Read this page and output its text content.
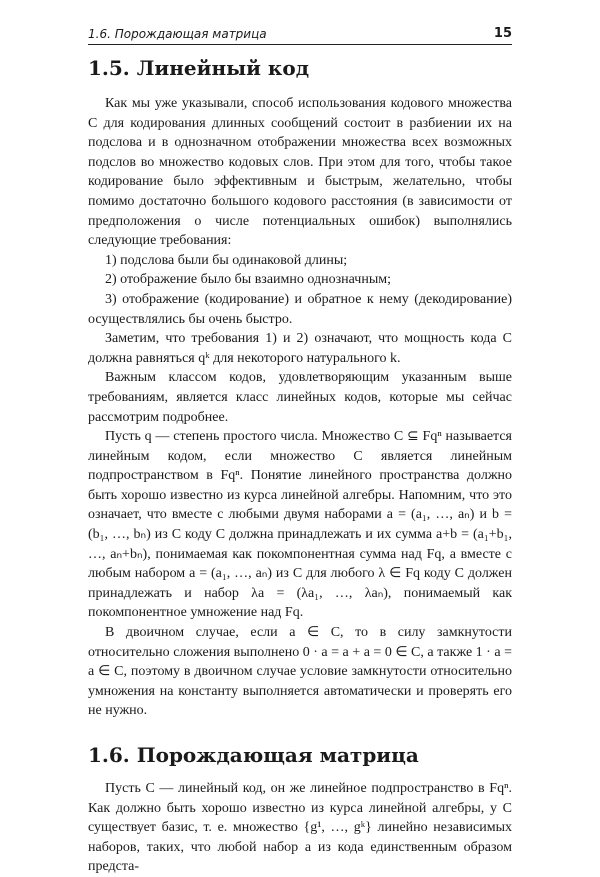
1.6. Порождающая матрица	15
1.5. Линейный код

Как мы уже указывали, способ использования кодового множества C для кодирования длинных сообщений состоит в разбиении их на подслова и в однозначном отображении множества всех возможных подслов во множество кодовых слов. При этом для того, чтобы такое кодирование было эффективным и быстрым, желательно, чтобы помимо достаточно большого кодового расстояния (в зависимости от предположения о числе потенциальных ошибок) выполнялись следующие требования:

1) подслова были бы одинаковой длины;

2) отображение было бы взаимно однозначным;

3) отображение (кодирование) и обратное к нему (декодирование) осуществлялись бы очень быстро.

Заметим, что требования 1) и 2) означают, что мощность кода C должна равняться qᵏ для некоторого натурального k.

Важным классом кодов, удовлетворяющим указанным выше требованиям, является класс линейных кодов, которые мы сейчас рассмотрим подробнее.

Пусть q — степень простого числа. Множество C ⊆ Fqⁿ называется линейным кодом, если множество C является линейным подпространством в Fqⁿ. Понятие линейного пространства должно быть хорошо известно из курса линейной алгебры. Напомним, что это означает, что вместе с любыми двумя наборами a = (a₁, …, aₙ) и b = (b₁, …, bₙ) из C коду C должна принадлежать и их сумма a+b = (a₁+b₁, …, aₙ+bₙ), понимаемая как покомпонентная сумма над Fq, а вместе с любым набором a = (a₁, …, aₙ) из C для любого λ ∈ Fq коду C должен принадлежать и набор λa = (λa₁, …, λaₙ), понимаемый как покомпонентное умножение над Fq.

В двоичном случае, если a ∈ C, то в силу замкнутости относительно сложения выполнено 0 · a = a + a = 0 ∈ C, а также 1 · a = a ∈ C, поэтому в двоичном случае условие замкнутости относительно умножения на константу выполняется автоматически и проверять его не нужно.

1.6. Порождающая матрица

Пусть C — линейный код, он же линейное подпространство в Fqⁿ. Как должно быть хорошо известно из курса линейной алгебры, у C существует базис, т. е. множество {g¹, …, gᵏ} линейно независимых наборов, таких, что любой набор a из кода единственным образом предста-
